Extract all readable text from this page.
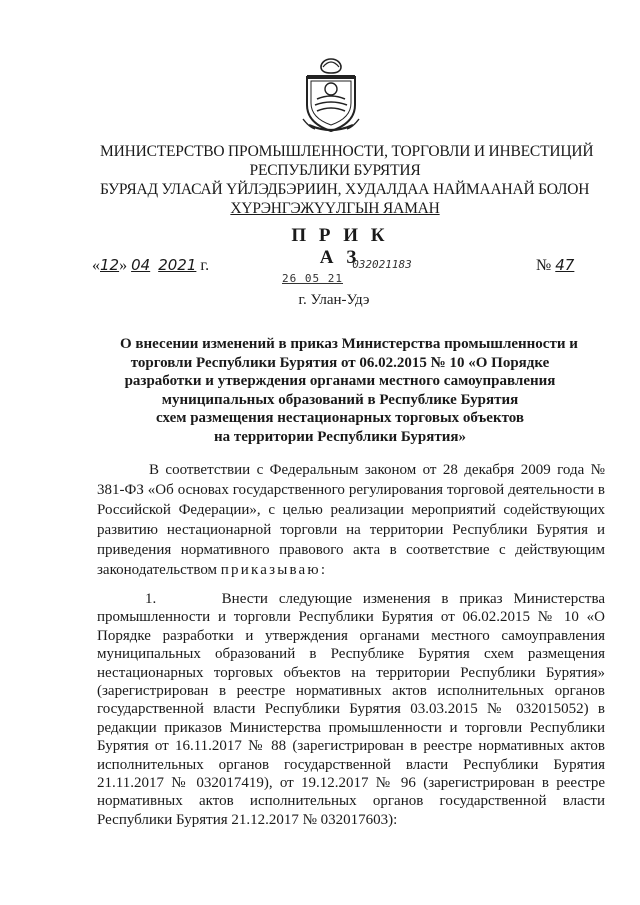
МИНИСТЕРСТВО ПРОМЫШЛЕННОСТИ, ТОРГОВЛИ И ИНВЕСТИЦИЙ
РЕСПУБЛИКИ БУРЯТИЯ
БУРЯАД УЛАСАЙ ҮЙЛЭДБЭРИИН, ХУДАЛДАА НАЙМААНАЙ БОЛОН
ХҮРЭНГЭЖҮҮЛГЫН ЯАМАН
П Р И К А З
«12» 04 2021 г.	032021183
26 05 21
№ 47
г. Улан-Удэ
О внесении изменений в приказ Министерства промышленности и
торговли Республики Бурятия от 06.02.2015 № 10 «О Порядке
разработки и утверждения органами местного самоуправления
муниципальных образований в Республике Бурятия
схем размещения нестационарных торговых объектов
на территории Республики Бурятия»
В соответствии с Федеральным законом от 28 декабря 2009 года № 381-ФЗ «Об основах государственного регулирования торговой деятельности в Российской Федерации», с целью реализации мероприятий содействующих развитию нестационарной торговли на территории Республики Бурятия и приведения нормативного правового акта в соответствие с действующим законодательством приказываю:
1.	Внести следующие изменения в приказ Министерства промышленности и торговли Республики Бурятия от 06.02.2015 № 10 «О Порядке разработки и утверждения органами местного самоуправления муниципальных образований в Республике Бурятия схем размещения нестационарных торговых объектов на территории Республики Бурятия» (зарегистрирован в реестре нормативных актов исполнительных органов государственной власти Республики Бурятия 03.03.2015 № 032015052) в редакции приказов Министерства промышленности и торговли Республики Бурятия от 16.11.2017 № 88 (зарегистрирован в реестре нормативных актов исполнительных органов государственной власти Республики Бурятия 21.11.2017 № 032017419), от 19.12.2017 № 96 (зарегистрирован в реестре нормативных актов исполнительных органов государственной власти Республики Бурятия 21.12.2017 № 032017603):
